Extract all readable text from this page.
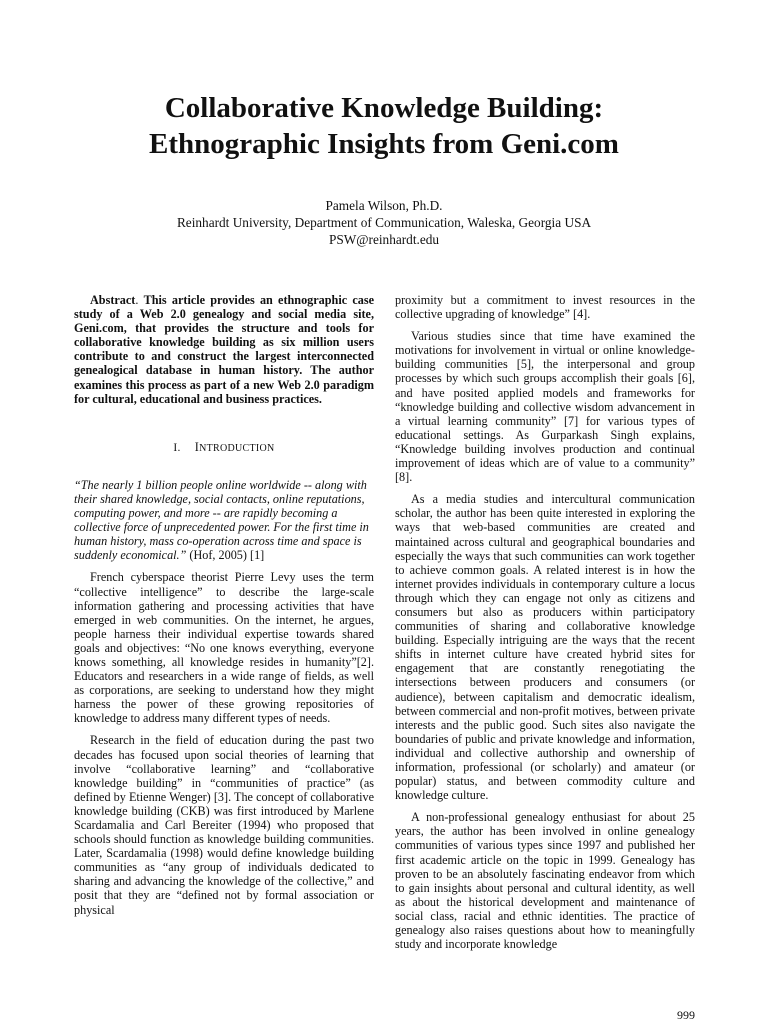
Collaborative Knowledge Building:
Ethnographic Insights from Geni.com
Pamela Wilson, Ph.D.
Reinhardt University, Department of Communication, Waleska, Georgia USA
PSW@reinhardt.edu

Abstract. This article provides an ethnographic case study of a Web 2.0 genealogy and social media site, Geni.com, that provides the structure and tools for collaborative knowledge building as six million users contribute to and construct the largest interconnected genealogical database in human history. The author examines this process as part of a new Web 2.0 paradigm for cultural, educational and business practices.

I. INTRODUCTION

“The nearly 1 billion people online worldwide -- along with their shared knowledge, social contacts, online reputations, computing power, and more -- are rapidly becoming a collective force of unprecedented power. For the first time in human history, mass co-operation across time and space is suddenly economical.” (Hof, 2005) [1]

French cyberspace theorist Pierre Levy uses the term “collective intelligence” to describe the large-scale information gathering and processing activities that have emerged in web communities. On the internet, he argues, people harness their individual expertise towards shared goals and objectives: “No one knows everything, everyone knows something, all knowledge resides in humanity”[2]. Educators and researchers in a wide range of fields, as well as corporations, are seeking to understand how they might harness the power of these growing repositories of knowledge to address many different types of needs.

Research in the field of education during the past two decades has focused upon social theories of learning that involve “collaborative learning” and “collaborative knowledge building” in “communities of practice” (as defined by Etienne Wenger) [3]. The concept of collaborative knowledge building (CKB) was first introduced by Marlene Scardamalia and Carl Bereiter (1994) who proposed that schools should function as knowledge building communities. Later, Scardamalia (1998) would define knowledge building communities as “any group of individuals dedicated to sharing and advancing the knowledge of the collective,” and posit that they are “defined not by formal association or physical

proximity but a commitment to invest resources in the collective upgrading of knowledge” [4].

Various studies since that time have examined the motivations for involvement in virtual or online knowledge-building communities [5], the interpersonal and group processes by which such groups accomplish their goals [6], and have posited applied models and frameworks for “knowledge building and collective wisdom advancement in a virtual learning community” [7] for various types of educational settings. As Gurparkash Singh explains, “Knowledge building involves production and continual improvement of ideas which are of value to a community” [8].

As a media studies and intercultural communication scholar, the author has been quite interested in exploring the ways that web-based communities are created and maintained across cultural and geographical boundaries and especially the ways that such communities can work together to achieve common goals. A related interest is in how the internet provides individuals in contemporary culture a locus through which they can engage not only as citizens and consumers but also as producers within participatory communities of sharing and collaborative knowledge building. Especially intriguing are the ways that the recent shifts in internet culture have created hybrid sites for engagement that are constantly renegotiating the intersections between producers and consumers (or audience), between capitalism and democratic idealism, between commercial and non-profit motives, between private interests and the public good. Such sites also navigate the boundaries of public and private knowledge and information, individual and collective authorship and ownership of information, professional (or scholarly) and amateur (or popular) status, and between commodity culture and knowledge culture.

A non-professional genealogy enthusiast for about 25 years, the author has been involved in online genealogy communities of various types since 1997 and published her first academic article on the topic in 1999. Genealogy has proven to be an absolutely fascinating endeavor from which to gain insights about personal and cultural identity, as well as about the historical development and maintenance of social class, racial and ethnic identities. The practice of genealogy also raises questions about how to meaningfully study and incorporate knowledge

999
